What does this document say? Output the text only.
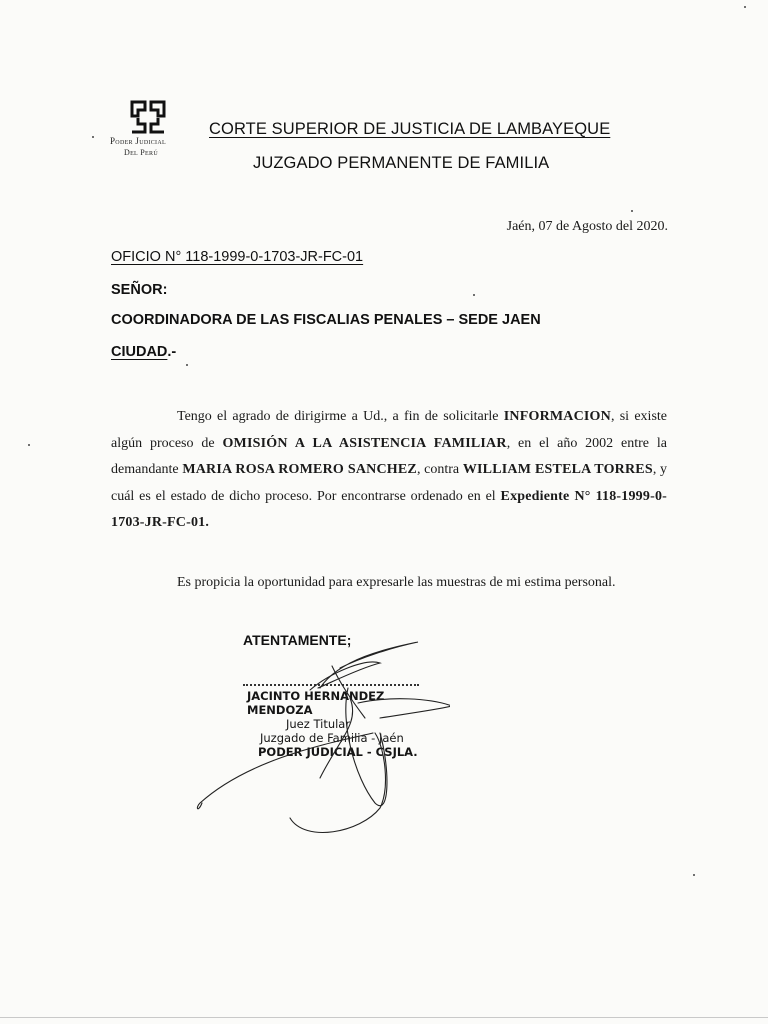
Poder Judicial
Del Perú
CORTE SUPERIOR DE JUSTICIA DE LAMBAYEQUE
JUZGADO PERMANENTE DE FAMILIA
Jaén, 07 de Agosto del 2020.
OFICIO N° 118-1999-0-1703-JR-FC-01
SEÑOR:
COORDINADORA DE LAS FISCALIAS PENALES – SEDE JAEN
CIUDAD.-
Tengo el agrado de dirigirme a Ud., a fin de solicitarle INFORMACION, si existe algún proceso de OMISIÓN A LA ASISTENCIA FAMILIAR, en el año 2002 entre la demandante MARIA ROSA ROMERO SANCHEZ, contra WILLIAM ESTELA TORRES, y cuál es el estado de dicho proceso. Por encontrarse ordenado en el Expediente N° 118-1999-0-1703-JR-FC-01.
Es propicia la oportunidad para expresarle las muestras de mi estima personal.
ATENTAMENTE;
JACINTO HERNANDEZ MENDOZA
Juez Titular
Juzgado de Familia - Jaén
PODER JUDICIAL - CSJLA.
